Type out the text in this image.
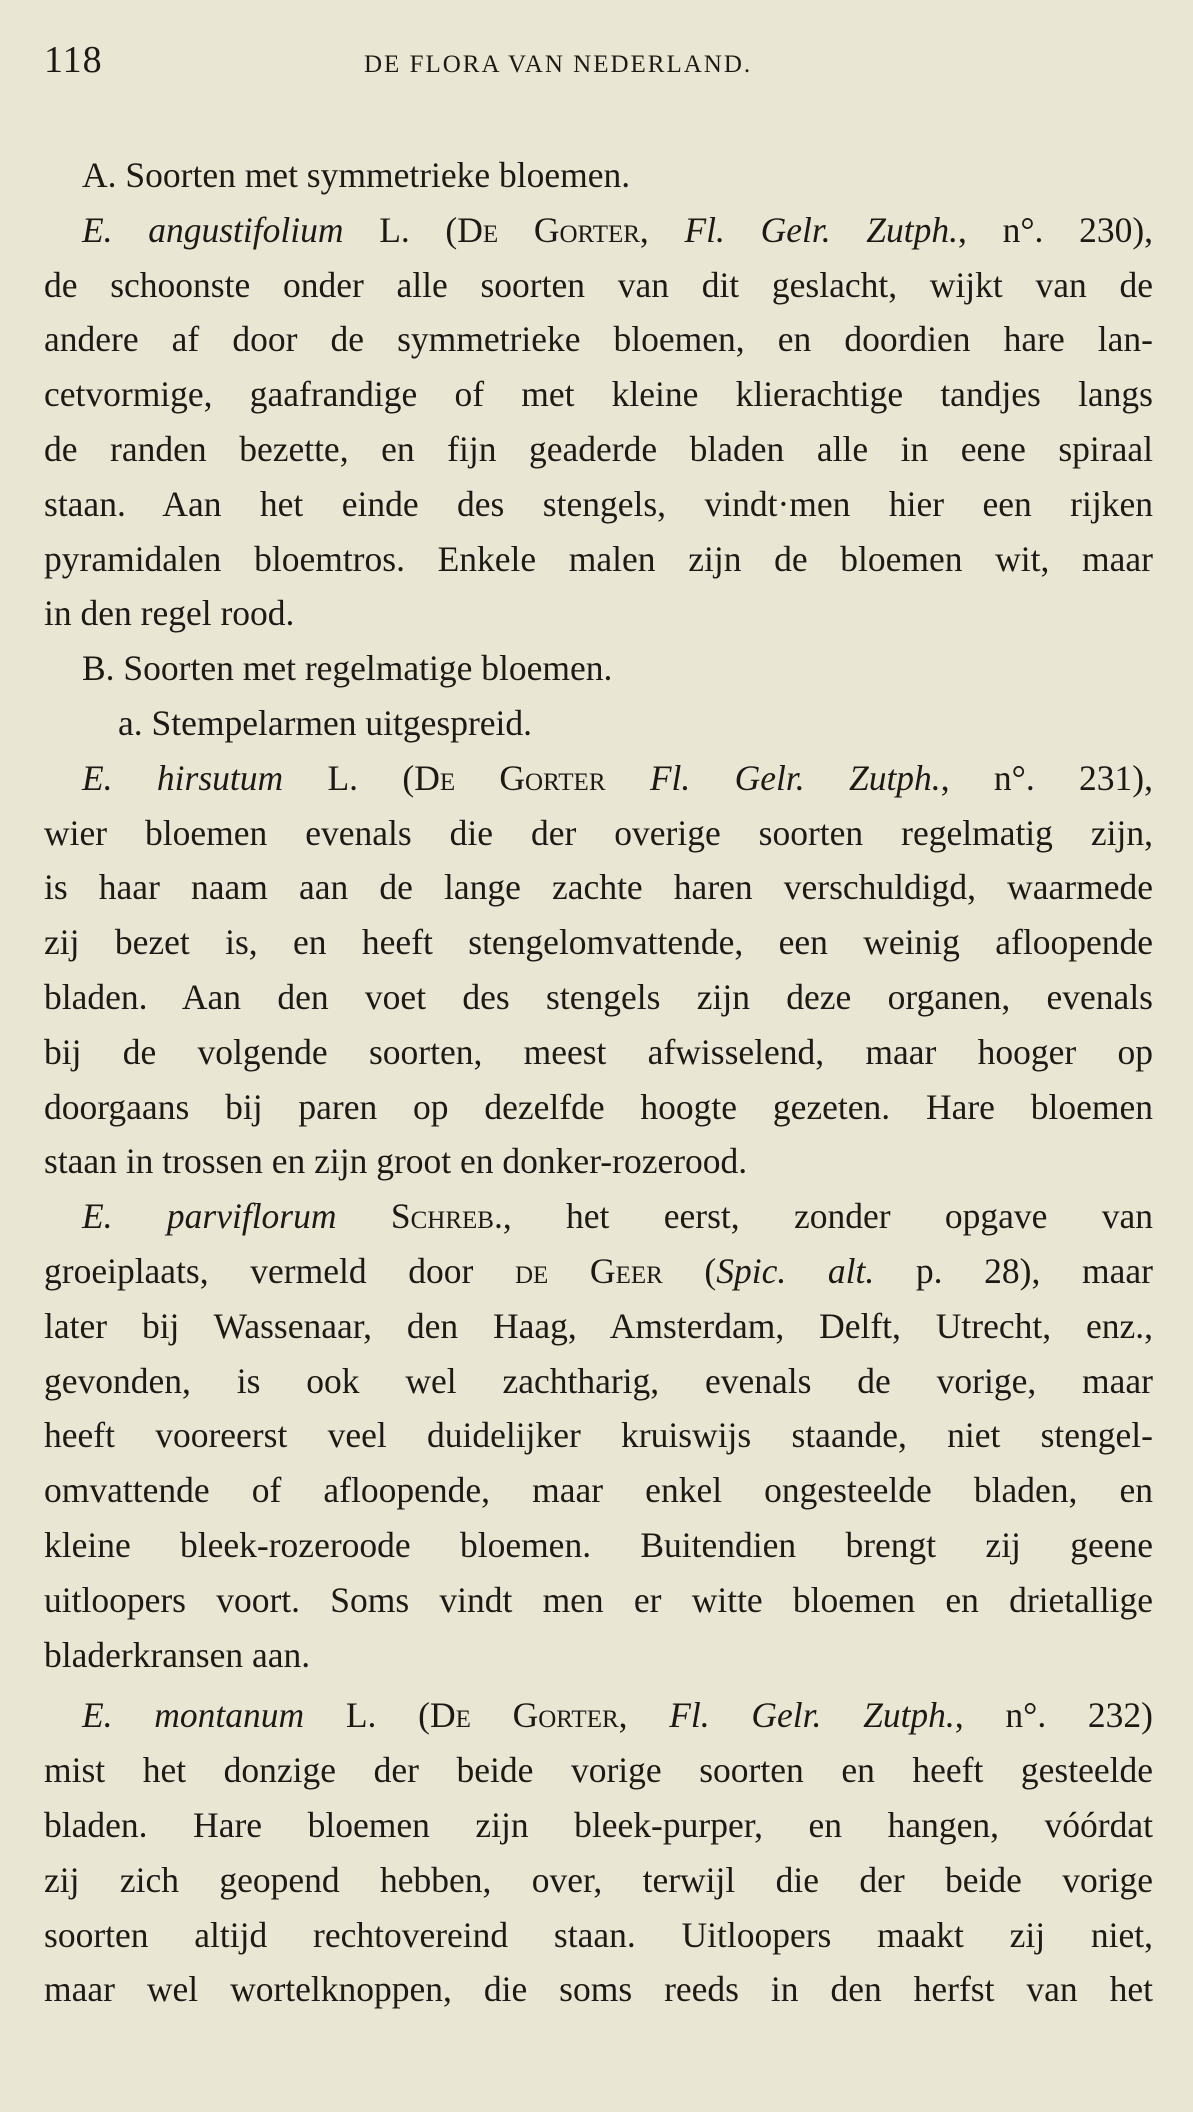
118	DE FLORA VAN NEDERLAND.
A. Soorten met symmetrieke bloemen.
E. angustifolium L. (De Gorter, Fl. Gelr. Zutph., n°. 230),
de schoonste onder alle soorten van dit geslacht, wijkt van de
andere af door de symmetrieke bloemen, en doordien hare lan-
cetvormige, gaafrandige of met kleine klierachtige tandjes langs
de randen bezette, en fijn geaderde bladen alle in eene spiraal
staan. Aan het einde des stengels, vindt·men hier een rijken
pyramidalen bloemtros. Enkele malen zijn de bloemen wit, maar
in den regel rood.
B. Soorten met regelmatige bloemen.
a. Stempelarmen uitgespreid.
E. hirsutum L. (De Gorter Fl. Gelr. Zutph., n°. 231),
wier bloemen evenals die der overige soorten regelmatig zijn,
is haar naam aan de lange zachte haren verschuldigd, waarmede
zij bezet is, en heeft stengelomvattende, een weinig afloopende
bladen. Aan den voet des stengels zijn deze organen, evenals
bij de volgende soorten, meest afwisselend, maar hooger op
doorgaans bij paren op dezelfde hoogte gezeten. Hare bloemen
staan in trossen en zijn groot en donker-rozerood.
E. parviflorum Schreb., het eerst, zonder opgave van
groeiplaats, vermeld door de Geer (Spic. alt. p. 28), maar
later bij Wassenaar, den Haag, Amsterdam, Delft, Utrecht, enz.,
gevonden, is ook wel zachtharig, evenals de vorige, maar
heeft vooreerst veel duidelijker kruiswijs staande, niet stengel-
omvattende of afloopende, maar enkel ongesteelde bladen, en
kleine bleek-rozeroode bloemen. Buitendien brengt zij geene
uitloopers voort. Soms vindt men er witte bloemen en drietallige
bladerkransen aan.
E. montanum L. (De Gorter, Fl. Gelr. Zutph., n°. 232)
mist het donzige der beide vorige soorten en heeft gesteelde
bladen. Hare bloemen zijn bleek-purper, en hangen, vóórdat
zij zich geopend hebben, over, terwijl die der beide vorige
soorten altijd rechtovereind staan. Uitloopers maakt zij niet,
maar wel wortelknoppen, die soms reeds in den herfst van het
